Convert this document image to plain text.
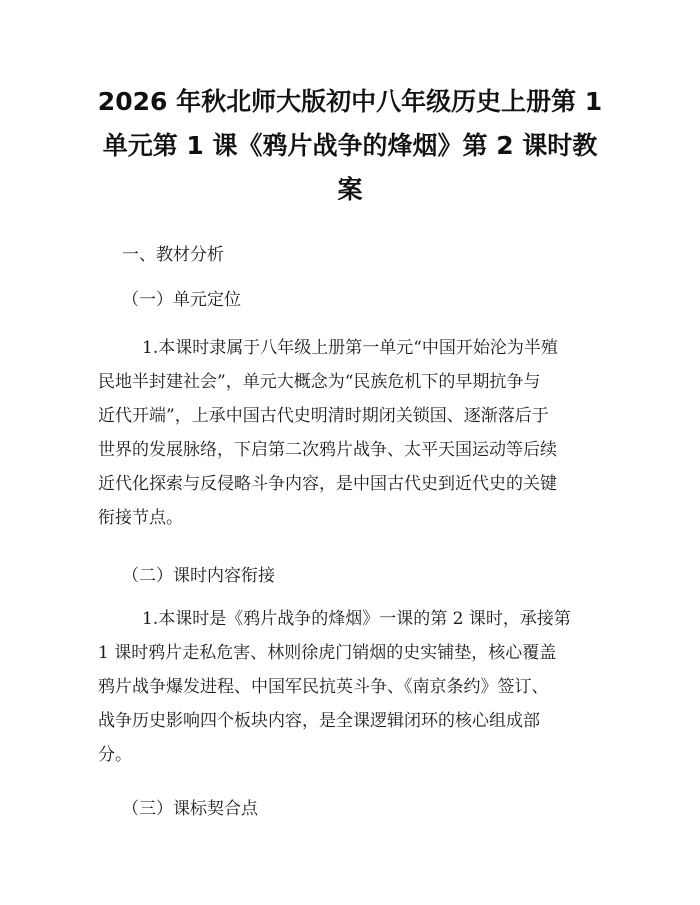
2026 年秋北师大版初中八年级历史上册第 1
单元第 1 课《鸦片战争的烽烟》第 2 课时教
案

一、教材分析

（一）单元定位

1.本课时隶属于八年级上册第一单元“中国开始沦为半殖
民地半封建社会”，单元大概念为“民族危机下的早期抗争与
近代开端”，上承中国古代史明清时期闭关锁国、逐渐落后于
世界的发展脉络，下启第二次鸦片战争、太平天国运动等后续
近代化探索与反侵略斗争内容，是中国古代史到近代史的关键
衔接节点。

（二）课时内容衔接

1.本课时是《鸦片战争的烽烟》一课的第 2 课时，承接第
1 课时鸦片走私危害、林则徐虎门销烟的史实铺垫，核心覆盖
鸦片战争爆发进程、中国军民抗英斗争、《南京条约》签订、
战争历史影响四个板块内容，是全课逻辑闭环的核心组成部
分。

（三）课标契合点
